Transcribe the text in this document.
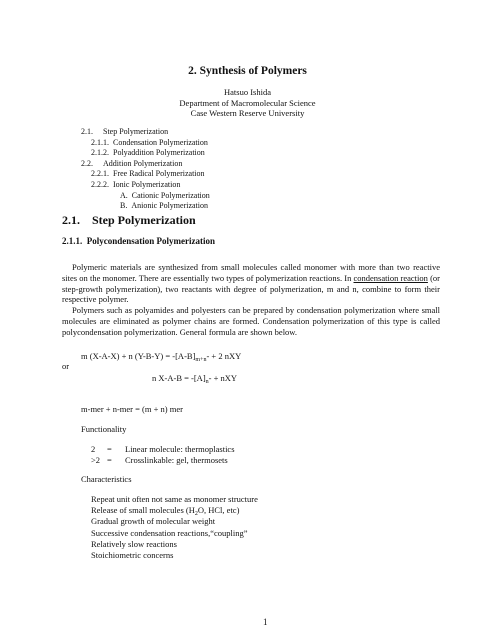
2. Synthesis of Polymers
Hatsuo Ishida
Department of Macromolecular Science
Case Western Reserve University
2.1. Step Polymerization
2.1.1. Condensation Polymerization
2.1.2. Polyaddition Polymerization
2.2. Addition Polymerization
2.2.1. Free Radical Polymerization
2.2.2. Ionic Polymerization
A. Cationic Polymerization
B. Anionic Polymerization
2.1. Step Polymerization
2.1.1. Polycondensation Polymerization

Polymeric materials are synthesized from small molecules called monomer with more than two reactive sites on the monomer. There are essentially two types of polymerization reactions. In condensation reaction (or step-growth polymerization), two reactants with degree of polymerization, m and n, combine to form their respective polymer.

Polymers such as polyamides and polyesters can be prepared by condensation polymerization where small molecules are eliminated as polymer chains are formed. Condensation polymerization of this type is called polycondensation polymerization. General formula are shown below.

m (X-A-X) + n $(Y-B-Y) = -[A-B]_{m+n}- + 2$ nXY
or
n $X-A-B = -[A]_n-$ + nXY
m-mer + n-mer = (m + n) mer
Functionality
2 = Linear molecule: thermoplastics
>2 = Crosslinkable: gel, thermosets
Characteristics
Repeat unit often not same as monomer structure
Release of small molecules ($H_2O$, HCl, etc)
Gradual growth of molecular weight
Successive condensation reactions,“coupling”
Relatively slow reactions
Stoichiometric concerns
1
